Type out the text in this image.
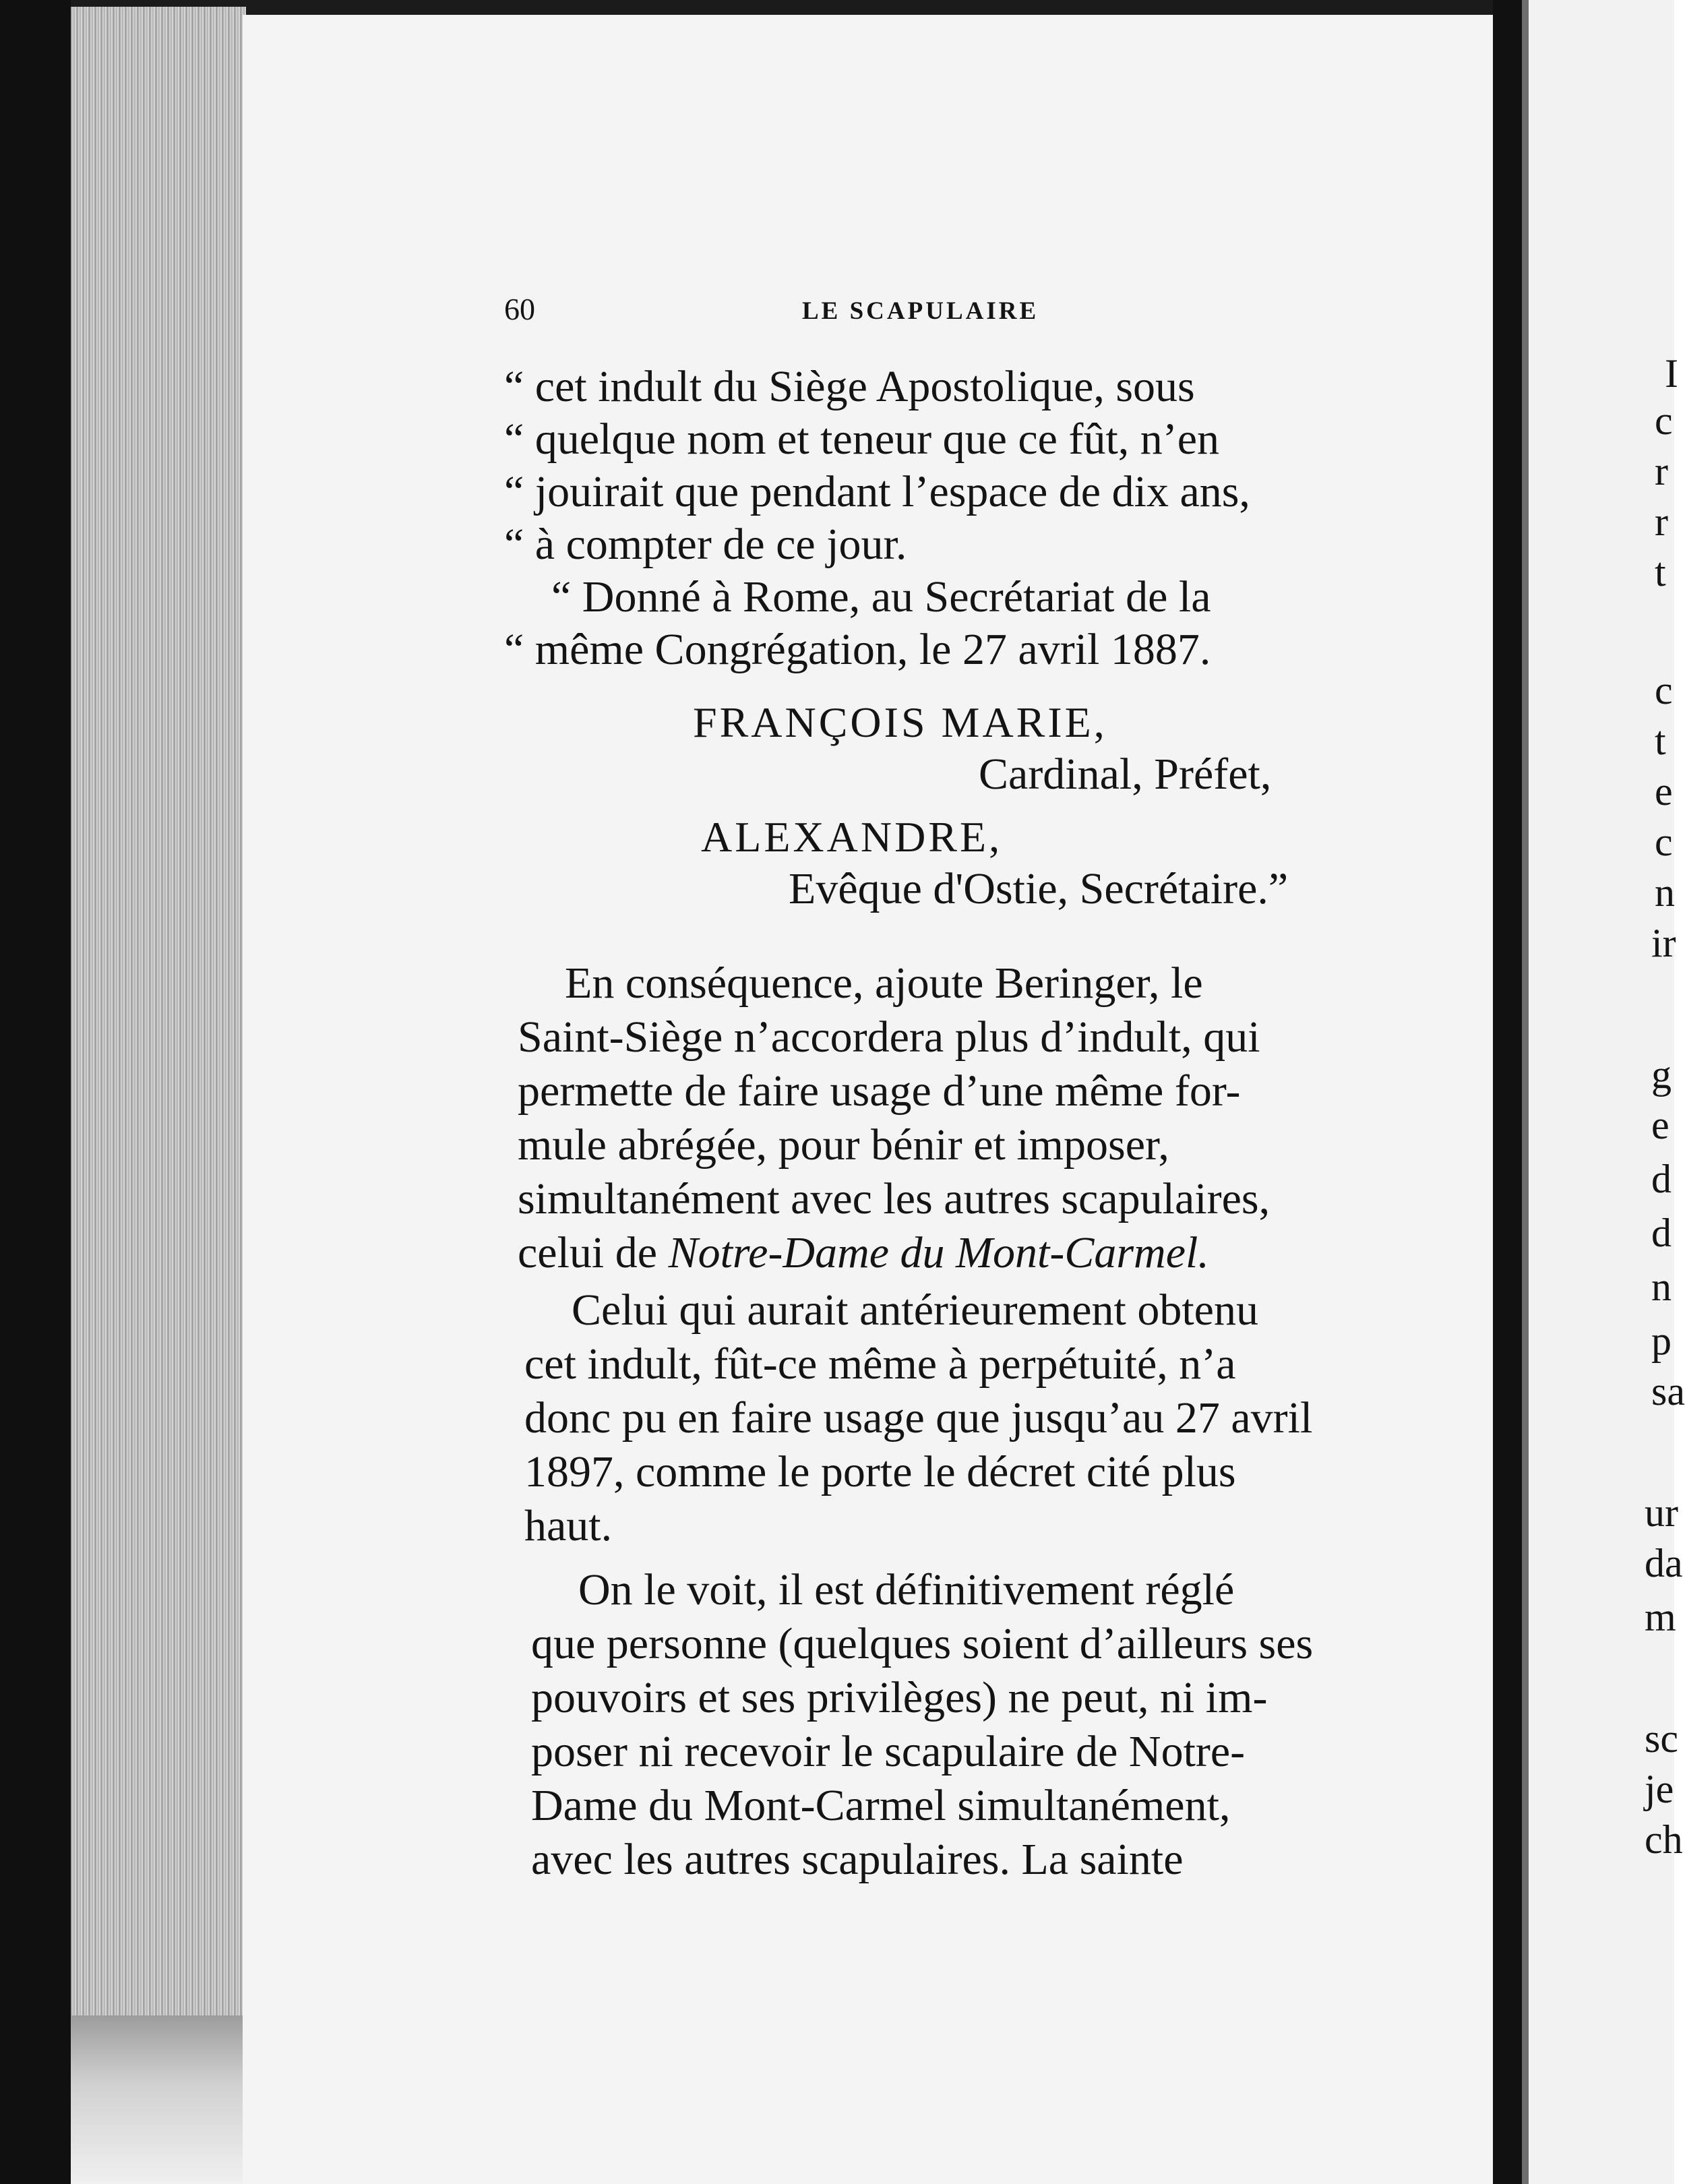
60	LE SCAPULAIRE
“ cet indult du Siège Apostolique, sous
“ quelque nom et teneur que ce fût, n’en
“ jouirait que pendant l’espace de dix ans,
“ à compter de ce jour.
“ Donné à Rome, au Secrétariat de la
“ même Congrégation, le 27 avril 1887.
FRANÇOIS MARIE,
Cardinal, Préfet,
ALEXANDRE,
Evêque d'Ostie, Secrétaire.”
En conséquence, ajoute Beringer, le
Saint-Siège n’accordera plus d’indult, qui
permette de faire usage d’une même for-
mule abrégée, pour bénir et imposer,
simultanément avec les autres scapulaires,
celui de Notre-Dame du Mont-Carmel.
Celui qui aurait antérieurement obtenu
cet indult, fût-ce même à perpétuité, n’a
donc pu en faire usage que jusqu’au 27 avril
1897, comme le porte le décret cité plus
haut.
On le voit, il est définitivement réglé
que personne (quelques soient d’ailleurs ses
pouvoirs et ses privilèges) ne peut, ni im-
poser ni recevoir le scapulaire de Notre-
Dame du Mont-Carmel simultanément,
avec les autres scapulaires. La sainte
I
c
r
r
t
c
t
e
c
n
ir
g
e
d
d
n
p
sa
ur
da
m
sc
je
ch
